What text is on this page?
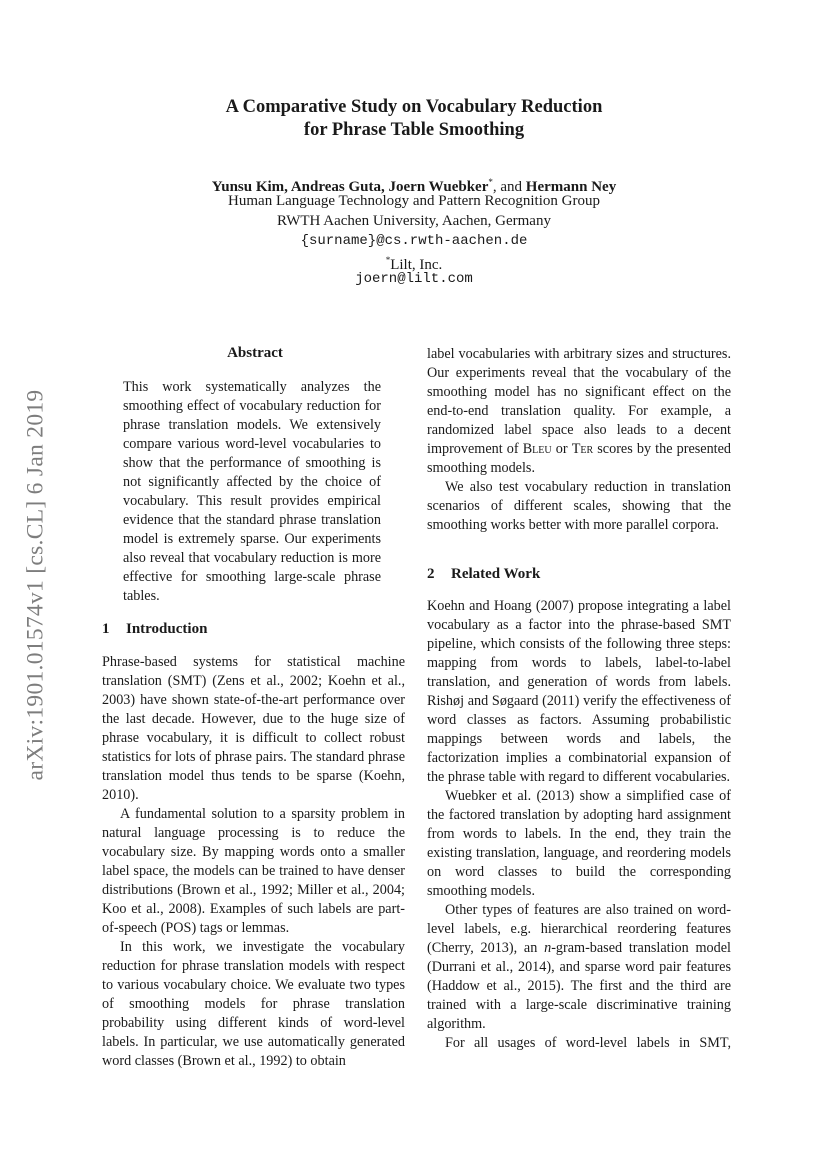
arXiv:1901.01574v1 [cs.CL] 6 Jan 2019
A Comparative Study on Vocabulary Reduction
for Phrase Table Smoothing
Yunsu Kim, Andreas Guta, Joern Wuebker*, and Hermann Ney
Human Language Technology and Pattern Recognition Group
RWTH Aachen University, Aachen, Germany
{surname}@cs.rwth-aachen.de
*Lilt, Inc.
joern@lilt.com
Abstract

This work systematically analyzes the smoothing effect of vocabulary reduction for phrase translation models. We extensively compare various word-level vocabularies to show that the performance of smoothing is not significantly affected by the choice of vocabulary. This result provides empirical evidence that the standard phrase translation model is extremely sparse. Our experiments also reveal that vocabulary reduction is more effective for smoothing large-scale phrase tables.

1 Introduction

Phrase-based systems for statistical machine translation (SMT) (Zens et al., 2002; Koehn et al., 2003) have shown state-of-the-art performance over the last decade. However, due to the huge size of phrase vocabulary, it is difficult to collect robust statistics for lots of phrase pairs. The standard phrase translation model thus tends to be sparse (Koehn, 2010).

A fundamental solution to a sparsity problem in natural language processing is to reduce the vocabulary size. By mapping words onto a smaller label space, the models can be trained to have denser distributions (Brown et al., 1992; Miller et al., 2004; Koo et al., 2008). Examples of such labels are part-of-speech (POS) tags or lemmas.

In this work, we investigate the vocabulary reduction for phrase translation models with respect to various vocabulary choice. We evaluate two types of smoothing models for phrase translation probability using different kinds of word-level labels. In particular, we use automatically generated word classes (Brown et al., 1992) to obtain

label vocabularies with arbitrary sizes and structures. Our experiments reveal that the vocabulary of the smoothing model has no significant effect on the end-to-end translation quality. For example, a randomized label space also leads to a decent improvement of Bleu or Ter scores by the presented smoothing models.

We also test vocabulary reduction in translation scenarios of different scales, showing that the smoothing works better with more parallel corpora.

2 Related Work

Koehn and Hoang (2007) propose integrating a label vocabulary as a factor into the phrase-based SMT pipeline, which consists of the following three steps: mapping from words to labels, label-to-label translation, and generation of words from labels. Rishøj and Søgaard (2011) verify the effectiveness of word classes as factors. Assuming probabilistic mappings between words and labels, the factorization implies a combinatorial expansion of the phrase table with regard to different vocabularies.

Wuebker et al. (2013) show a simplified case of the factored translation by adopting hard assignment from words to labels. In the end, they train the existing translation, language, and reordering models on word classes to build the corresponding smoothing models.

Other types of features are also trained on word-level labels, e.g. hierarchical reordering features (Cherry, 2013), an n-gram-based translation model (Durrani et al., 2014), and sparse word pair features (Haddow et al., 2015). The first and the third are trained with a large-scale discriminative training algorithm.

For all usages of word-level labels in SMT,
